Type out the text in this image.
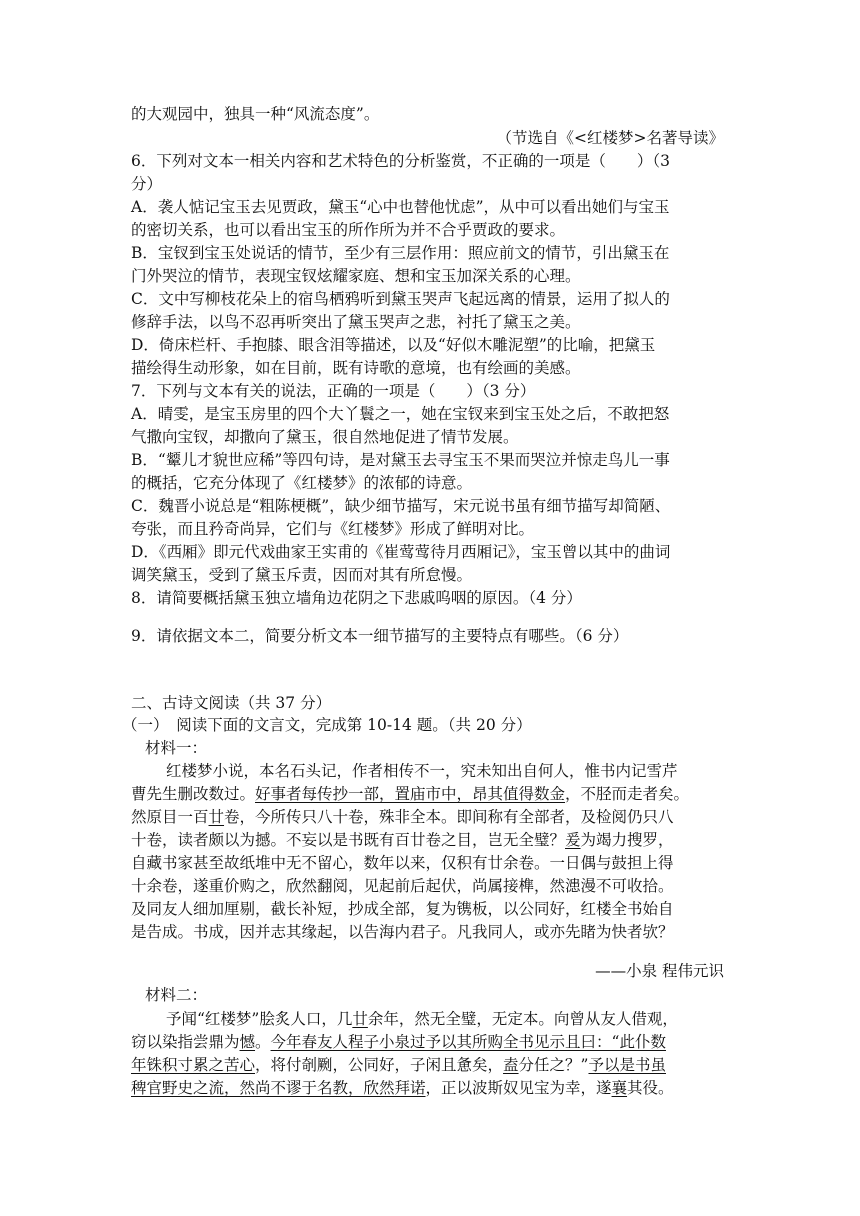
的大观园中，独具一种“风流态度”。
（节选自《<红楼梦>名著导读》
6．下列对文本一相关内容和艺术特色的分析鉴赏，不正确的一项是（　　）（3
分）
A．袭人惦记宝玉去见贾政，黛玉“心中也替他忧虑”，从中可以看出她们与宝玉
的密切关系，也可以看出宝玉的所作所为并不合乎贾政的要求。
B．宝钗到宝玉处说话的情节，至少有三层作用：照应前文的情节，引出黛玉在
门外哭泣的情节，表现宝钗炫耀家庭、想和宝玉加深关系的心理。
C．文中写柳枝花朵上的宿鸟栖鸦听到黛玉哭声飞起远离的情景，运用了拟人的
修辞手法，以鸟不忍再听突出了黛玉哭声之悲，衬托了黛玉之美。
D．倚床栏杆、手抱膝、眼含泪等描述，以及“好似木雕泥塑”的比喻，把黛玉
描绘得生动形象，如在目前，既有诗歌的意境，也有绘画的美感。
7．下列与文本有关的说法，正确的一项是（　　）（3 分）
A．晴雯，是宝玉房里的四个大丫鬟之一，她在宝钗来到宝玉处之后，不敢把怒
气撒向宝钗，却撒向了黛玉，很自然地促进了情节发展。
B．“颦儿才貌世应稀”等四句诗，是对黛玉去寻宝玉不果而哭泣并惊走鸟儿一事
的概括，它充分体现了《红楼梦》的浓郁的诗意。
C．魏晋小说总是“粗陈梗概”，缺少细节描写，宋元说书虽有细节描写却简陋、
夸张，而且矜奇尚异，它们与《红楼梦》形成了鲜明对比。
D．《西厢》即元代戏曲家王实甫的《崔莺莺待月西厢记》，宝玉曾以其中的曲词
调笑黛玉，受到了黛玉斥责，因而对其有所怠慢。
8．请简要概括黛玉独立墙角边花阴之下悲戚呜咽的原因。（4 分）
9．请依据文本二，简要分析文本一细节描写的主要特点有哪些。（6 分）
二、古诗文阅读（共 37 分）
（一）　阅读下面的文言文，完成第 10-14 题。（共 20 分）
材料一：
红楼梦小说，本名石头记，作者相传不一，究未知出自何人，惟书内记雪芹
曹先生删改数过。好事者每传抄一部，置庙市中，昂其值得数金，不胫而走者矣。
然原目一百廿卷，今所传只八十卷，殊非全本。即间称有全部者，及检阅仍只八
十卷，读者颇以为撼。不妄以是书既有百廿卷之目，岂无全璧？爰为竭力搜罗，
自藏书家甚至故纸堆中无不留心，数年以来，仅积有廿余卷。一日偶与鼓担上得
十余卷，遂重价购之，欣然翻阅，见起前后起伏，尚属接榫，然漶漫不可收拾。
及同友人细加厘剔，截长补短，抄成全部，复为镌板，以公同好，红楼全书始自
是告成。书成，因并志其缘起，以告海内君子。凡我同人，或亦先睹为快者欤？
——小泉 程伟元识
材料二：
予闻“红楼梦”脍炙人口，几廿余年，然无全璧，无定本。向曾从友人借观，
窃以染指尝鼎为憾。今年春友人程子小泉过予以其所购全书见示且曰：“此仆数
年铢积寸累之苦心，将付剞劂，公同好，子闲且惫矣，盍分任之？”予以是书虽
稗官野史之流，然尚不谬于名教，欣然拜诺，正以波斯奴见宝为幸，遂襄其役。
